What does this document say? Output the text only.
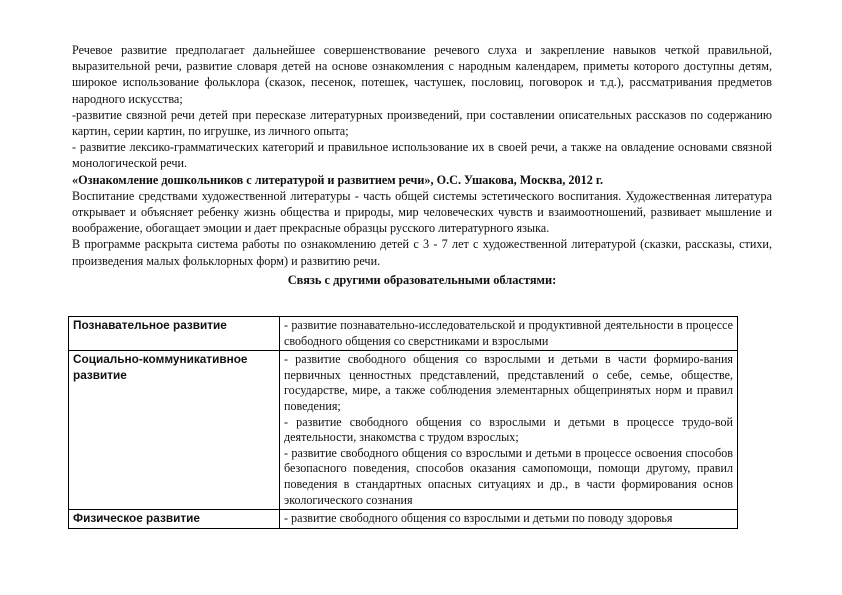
Речевое развитие предполагает дальнейшее совершенствование речевого слуха и закрепление навыков четкой правильной, выразительной речи, развитие словаря детей на основе ознакомления с народным календарем, приметы которого доступны детям, широкое использование фольклора (сказок, песенок, потешек, частушек, пословиц, поговорок и т.д.), рассматривания предметов народного искусства;

-развитие связной речи детей при пересказе литературных произведений, при составлении описательных рассказов по содержанию картин, серии картин, по игрушке, из личного опыта;

- развитие лексико-грамматических категорий и правильное использование их в своей речи, а также на овладение основами связной монологической речи.

«Ознакомление дошкольников с литературой и развитием речи», О.С. Ушакова, Москва, 2012 г.

Воспитание средствами художественной литературы - часть общей системы эстетического воспитания. Художественная литература открывает и объясняет ребенку жизнь общества и природы, мир человеческих чувств и взаимоотношений, развивает мышление и воображение, обогащает эмоции и дает прекрасные образцы русского литературного языка.

В программе раскрыта система работы по ознакомлению детей с 3 - 7 лет с художественной литературой (сказки, рассказы, стихи, произведения малых фольклорных форм) и развитию речи.

Связь с другими образовательными областями:
Познавательное развитие	- развитие познавательно-исследовательской и продуктивной деятельности в процессе свободного общения со сверстниками и взрослыми

Социально-коммуникативное развитие	- развитие свободного общения со взрослыми и детьми в части формиро-вания первичных ценностных представлений, представлений о себе, семье, обществе, государстве, мире, а также соблюдения элементарных общепринятых норм и правил поведения;
- развитие свободного общения со взрослыми и детьми в процессе трудо-вой деятельности, знакомства с трудом взрослых;
- развитие свободного общения со взрослыми и детьми в процессе освоения способов безопасного поведения, способов оказания самопомощи, помощи другому, правил поведения в стандартных опасных ситуациях и др., в части формирования основ экологического сознания

Физическое развитие	- развитие свободного общения со взрослыми и детьми по поводу здоровья
